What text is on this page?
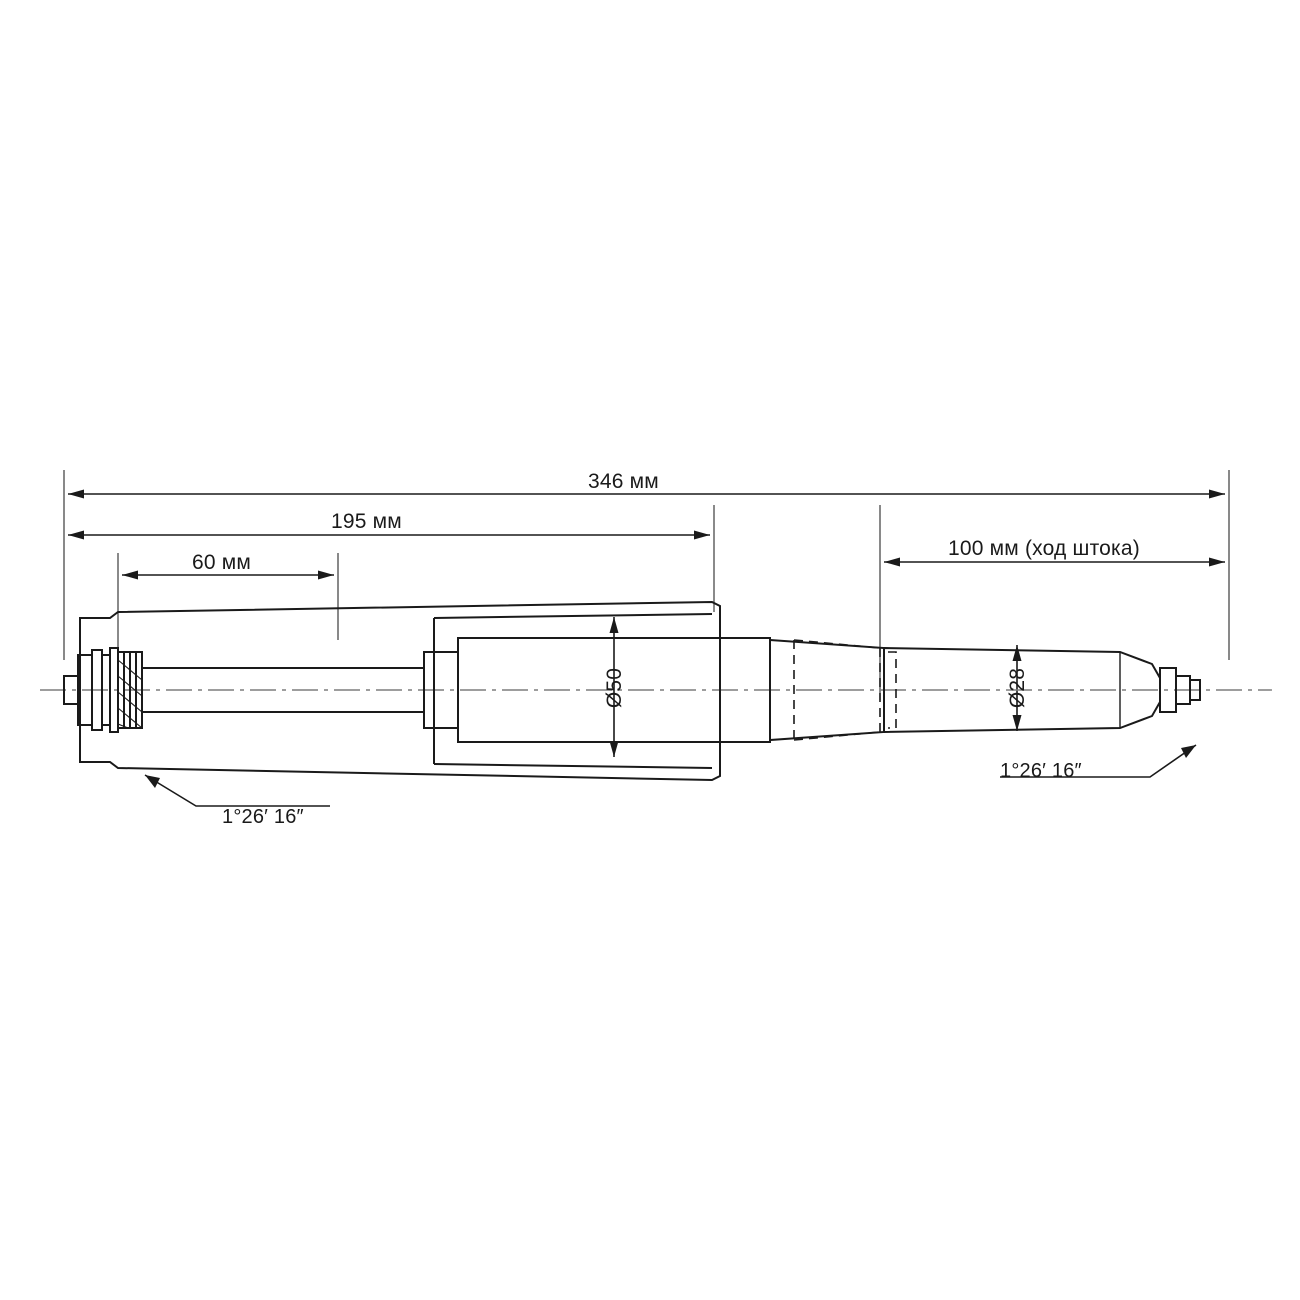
346 мм
195 мм
60 мм
100 мм (ход штока)
Ø50	Ø28
1°26′ 16″
1°26′ 16″
